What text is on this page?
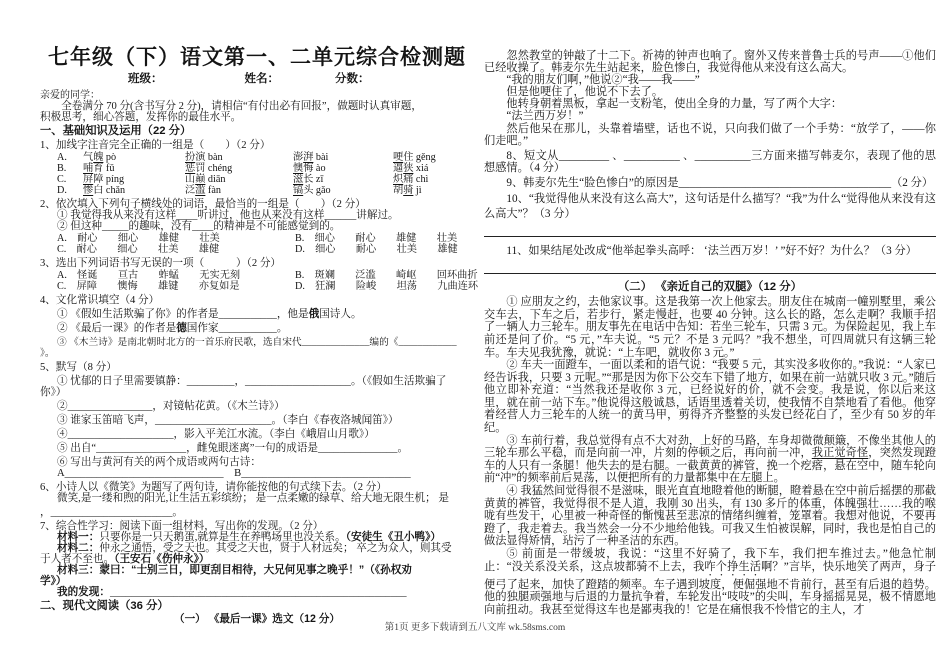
七年级（下）语文第一、二单元综合检测题
班级：	姓名：	分数：
亲爱的同学：
全卷满分 70 分(含书写分 2 分)，请相信“有付出必有回报”，做题时认真审题，
积极思考，细心答题，发挥你的最佳水平。
一、基础知识及运用（22 分）
1、加线字注音完全正确的一组是（　　）（2 分）
A.	气魄 pò	扮演 bàn	澎湃 bài	哽住 gěng
B.	哺育 fǔ	惩罚 chéng	懊悔 ào	逼狭 xiá
C.	屏障 píng	山巅 diān	滋长 zī	炽痛 chì
D.	惨白 chǎn	泛滥 fàn	镐头 gǎo	胡骑 jì
2、依次填入下列句子横线处的词语，最恰当的一组是（　　）（2 分）
① 我觉得我从来没有这样____听讲过，他也从来没有这样______讲解过。
② 但这种_____的趣味，没有____的精神是不可能感觉到的。
A.　耐心　　细心　　雄健　　壮美	B.　细心　　耐心　　雄健　　壮美
C.　耐心　　细心　　壮美　　雄健	D.　细心　　耐心　　壮美　　雄健
3、选出下列词语书写无误的一项（　　　）（2 分）
A.　怪诞　　亘古　　蚱蜢　　无实无刻	B.　斑斓　　泛滥　　崎岖　　回环曲折
C.　屏障　　懊悔　　雄键　　亦复如是	D.　狂澜　　险峻　　坦荡　　九曲连环
4、文化常识填空（4 分）
① 《假如生活欺骗了你》的作者是___________，他是俄国诗人。
② 《最后一课》的作者是德国作家___________。
③ 《木兰诗》是南北朝时北方的一首乐府民歌，选自宋代______________编的《____________
》。
5、默写（8 分）
① 忧郁的日子里需要镇静：_________，____________________。（《假如生活欺骗了
你》）
②________________，对镜帖花黄。（《木兰诗》）
③ 谁家玉笛暗飞声，______________________。（李白《春夜洛城闻笛》）
④____________________，影入平羌江水流。（李白《峨眉山月歌》）
⑤ 出自“_________________，雌兔眼迷离”一句的成语是_______________。
⑥ 写出与黄河有关的两个成语或两句古诗：
A______________________________　B________________________________
6、小诗人以《微笑》为题写了两句诗，请你能按他的句式续下去。（2 分）
微笑,是一缕和煦的阳光,让生活五彩缤纷； 是一点柔嫩的绿草、给大地无限生机； 是
，_______________________。
7、综合性学习：阅读下面一组材料，写出你的发现。（2 分）
材料一：只要你是一只天鹅蛋,就算是生在养鸭场里也没关系。（安徒生《丑小鸭》）
材料二：仲永之通悟，受之天也。其受之天也，贤于人材远矣； 卒之为众人，则其受
于人者不至也。（王安石《伤仲永》）
材料三：蒙曰：“士别三日，即更刮目相待，大兄何见事之晚乎！”（《孙权劝
学》）
我的发现：________________________________________________________
二、现代文阅读（36 分）
（一） 《最后一课》选文（12 分）
忽然教堂的钟敲了十二下。祈祷的钟声也响了。窗外又传来普鲁士兵的号声——①他们已经收操了。韩麦尔先生站起来，脸色惨白，我觉得他从来没有这么高大。
“我的朋友们啊，”他说②“我——我——”
但是他哽住了，他说不下去了。
他转身朝着黑板，拿起一支粉笔，使出全身的力量，写了两个大字：
“法兰西万岁！”
然后他呆在那儿，头靠着墙壁，话也不说，只向我们做了一个手势：“放学了，——你们走吧。”
8、短文从_________ 、__________ 、__________三方面来描写韩麦尔，表现了他的思想感情。（4 分）
9、韩麦尔先生“脸色惨白”的原因是______________________________________（2 分）
10、“我觉得他从来没有这么高大”，这句话是什么描写？“我”为什么“觉得他从来没有这么高大”？（3 分）
11、如果结尾处改成“他举起拳头高呼： ‘法兰西万岁！’ ”好不好？为什么？（3 分）
（二） 《亲近自己的双腿》（12 分）
① 应朋友之约，去他家议事。这是我第一次上他家去。朋友住在城南一幢别墅里，乘公交车去，下车之后，若步行，紧走慢赶，也要 40 分钟。这么长的路，怎么走啊？我顺手招了一辆人力三轮车。朋友事先在电话中告知：若坐三轮车，只需 3 元。为保险起见，我上车前还是问了价。“5 元，”车夫说。“5 元？不是 3 元吗？”我不想坐，可四周就只有这辆三轮车。车夫见我犹豫，就说：“上车吧，就收你 3 元。”
② 车夫一面蹬车，一面以柔和的语气说：“我要 5 元，其实没多收你的。”我说：“人家已经告诉我，只要 3 元呢。”“那是因为你下公交车下错了地方，如果在前一站就只收 3 元。”随后他立即补充道：“当然我还是收你 3 元，已经说好的价，就不会变。我是说，你以后来这里，就在前一站下车。”他说得这般诚恳，话语里透着关切，使我情不自禁地看了看他。他穿着经营人力三轮车的人统一的黄马甲，剪得齐齐整整的头发已经花白了，至少有 50 岁的年纪。
③ 车前行着，我总觉得有点不大对劲，上好的马路，车身却微微颠簸，不像坐其他人的三轮车那么平稳，而是向前一冲，片刻的停顿之后，再向前一冲，我正觉奇怪，突然发现蹬车的人只有一条腿！他失去的是右腿。一截黄黄的裤管，挽一个疙瘩，悬在空中，随车轮向前“冲”的频率前后晃荡，以便把所有的力量都集中在左腿上。
④ 我猛然间觉得很不是滋味，眼光直直地瞪着他的断腿，瞪着悬在空中前后摇摆的那截黄黄的裤管，我觉得很不是人道，我刚 30 出头，有 130 多斤的体重，体魄强壮……我的喉咙有些发干，心里被一种奇怪的惭愧甚至悲凉的情绪纠缠着，笼罩着。我想对他说，不要再蹬了，我走着去。我当然会一分不少地给他钱。可我又生怕被误解，同时，我也是怕自己的做法显得矫情，玷污了一种圣洁的东西。
⑤ 前面是一带缓坡，我说：“这里不好骑了，我下车，我们把车推过去。”他急忙制止：“没关系没关系，这点坡都骑不上去，我咋个挣生活啊？”言毕，快乐地笑了两声，身子便弓了起来，加快了蹬踏的频率。车子遇到坡度，便倔强地不肯前行，甚至有后退的趋势。他的独腿顽强地与后退的力量抗争着，车轮发出“吱吱”的尖叫，车身摇摇晃晃，极不情愿地向前扭动。我甚至觉得这车也是鄙夷我的！它是在痛恨我不怜惜它的主人，才
第1页 更多下载请到五八文库 wk.58sms.com
